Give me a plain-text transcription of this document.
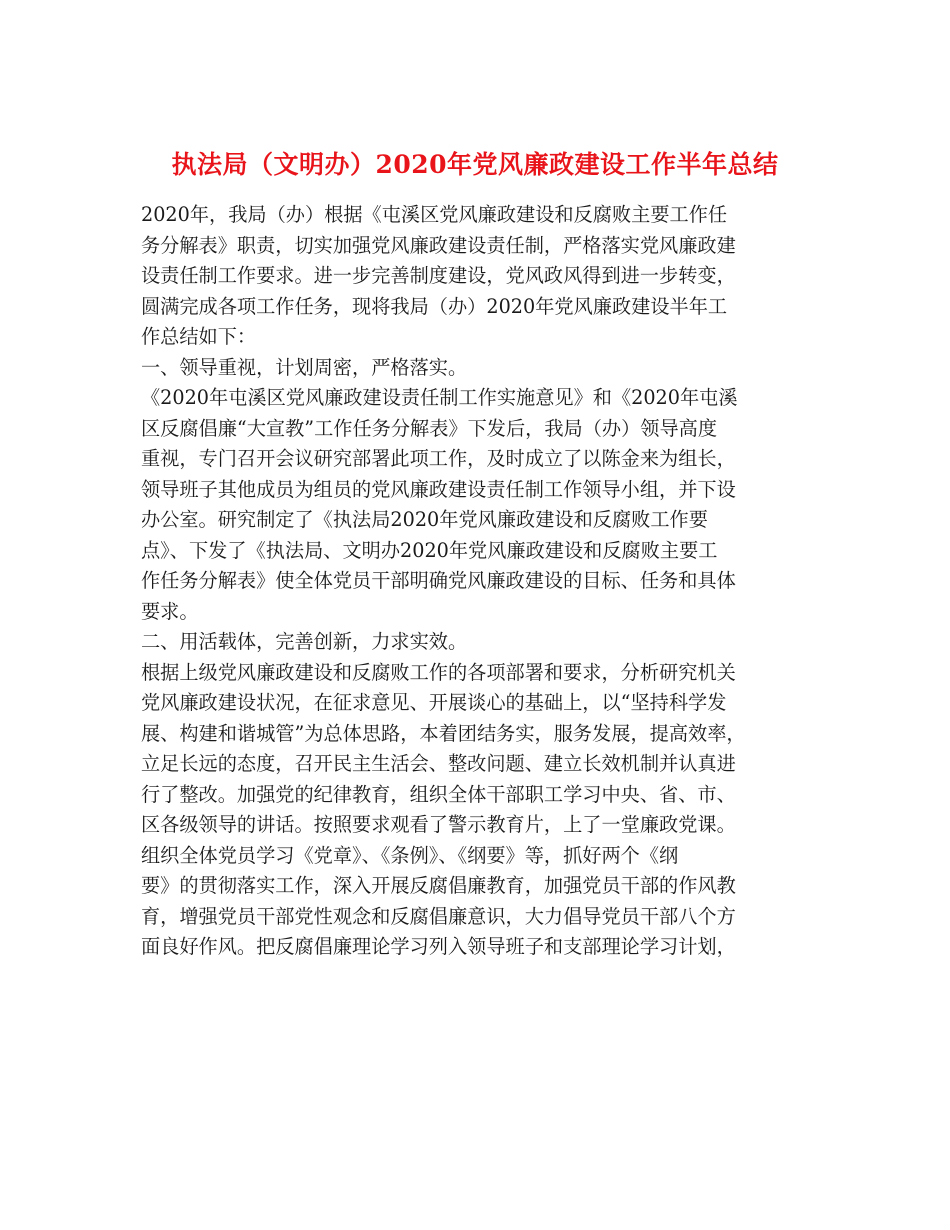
执法局（文明办）2020年党风廉政建设工作半年总结
2020年，我局（办）根据《屯溪区党风廉政建设和反腐败主要工作任
务分解表》职责，切实加强党风廉政建设责任制，严格落实党风廉政建
设责任制工作要求。进一步完善制度建设，党风政风得到进一步转变，
圆满完成各项工作任务，现将我局（办）2020年党风廉政建设半年工
作总结如下：
一、领导重视，计划周密，严格落实。
《2020年屯溪区党风廉政建设责任制工作实施意见》和《2020年屯溪
区反腐倡廉“大宣教”工作任务分解表》下发后，我局（办）领导高度
重视，专门召开会议研究部署此项工作，及时成立了以陈金来为组长，
领导班子其他成员为组员的党风廉政建设责任制工作领导小组，并下设
办公室。研究制定了《执法局2020年党风廉政建设和反腐败工作要
点》、下发了《执法局、文明办2020年党风廉政建设和反腐败主要工
作任务分解表》使全体党员干部明确党风廉政建设的目标、任务和具体
要求。
二、用活载体，完善创新，力求实效。
根据上级党风廉政建设和反腐败工作的各项部署和要求，分析研究机关
党风廉政建设状况，在征求意见、开展谈心的基础上，以“坚持科学发
展、构建和谐城管”为总体思路，本着团结务实，服务发展，提高效率，
立足长远的态度，召开民主生活会、整改问题、建立长效机制并认真进
行了整改。加强党的纪律教育，组织全体干部职工学习中央、省、市、
区各级领导的讲话。按照要求观看了警示教育片，上了一堂廉政党课。
组织全体党员学习《党章》、《条例》、《纲要》等，抓好两个《纲
要》的贯彻落实工作，深入开展反腐倡廉教育，加强党员干部的作风教
育，增强党员干部党性观念和反腐倡廉意识，大力倡导党员干部八个方
面良好作风。把反腐倡廉理论学习列入领导班子和支部理论学习计划，
